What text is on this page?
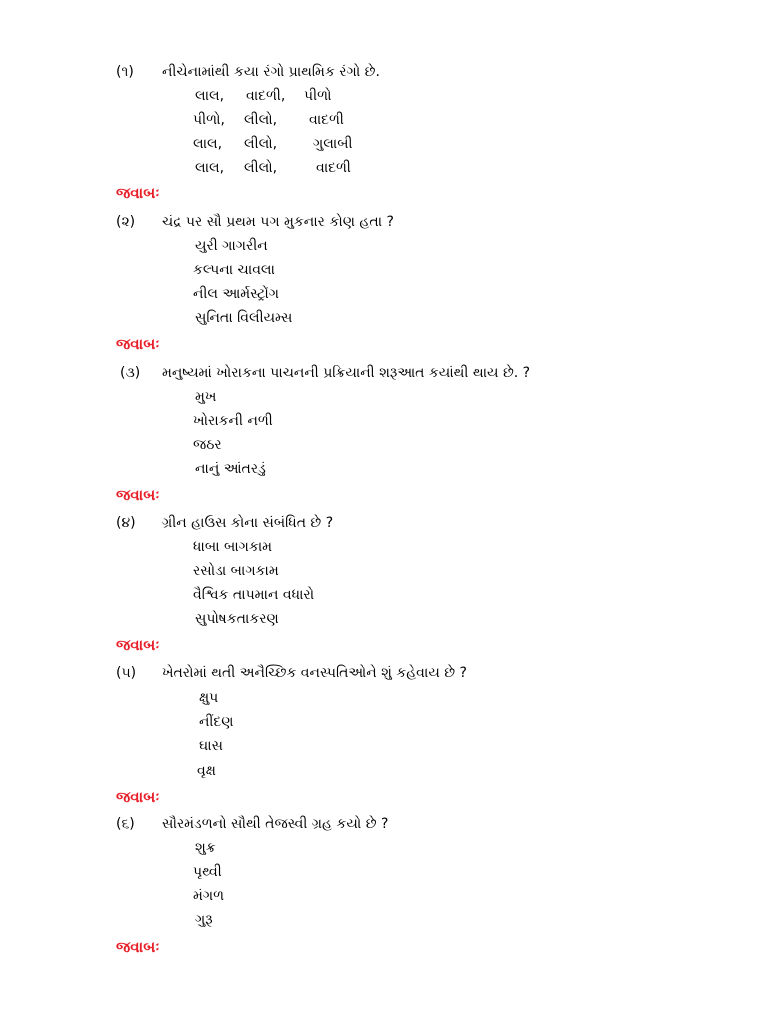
(૧) નીચેનામાંથી કયા રંગો પ્રાથમિક રંગો છે.
લાલ, વાદળી, પીળો
પીળો, લીલો, વાદળી
લાલ, લીલો,	ગુલાબી
લાલ, લીલો,	વાદળી
જવાબઃ
(૨) ચંદ્ર પર સૌ પ્રથમ પગ મુકનાર કોણ હતા ?
યુરી ગાગરીન
કલ્પના ચાવલા
નીલ આર્મસ્ટ્રોંગ
સુનિતા વિલીયમ્સ
જવાબઃ
(૩) મનુષ્યમાં ખોરાકના પાચનની પ્રક્રિયાની શરૂઆત કયાંથી થાય છે. ?
મુખ
ખોરાકની નળી
જઠર
નાનું આંતરડું
જવાબઃ
(૪) ગ્રીન હાઉસ કોના સંબંધિત છે ?
ધાબા બાગકામ
રસોડા બાગકામ
વૈશ્વિક તાપમાન વધારો
સુપોષકતાકરણ
જવાબઃ
(૫) ખેતરોમાં થતી અનૈચ્છિક વનસ્પતિઓને શું કહેવાય છે ?
ક્ષુપ
નીંદણ
ઘાસ
વૃક્ષ
જવાબઃ
(૬) સૌરમંડળનો સૌથી તેજસ્વી ગ્રહ કયો છે ?
શુક્ર
પૃથ્વી
મંગળ
ગુરૂ
જવાબઃ
